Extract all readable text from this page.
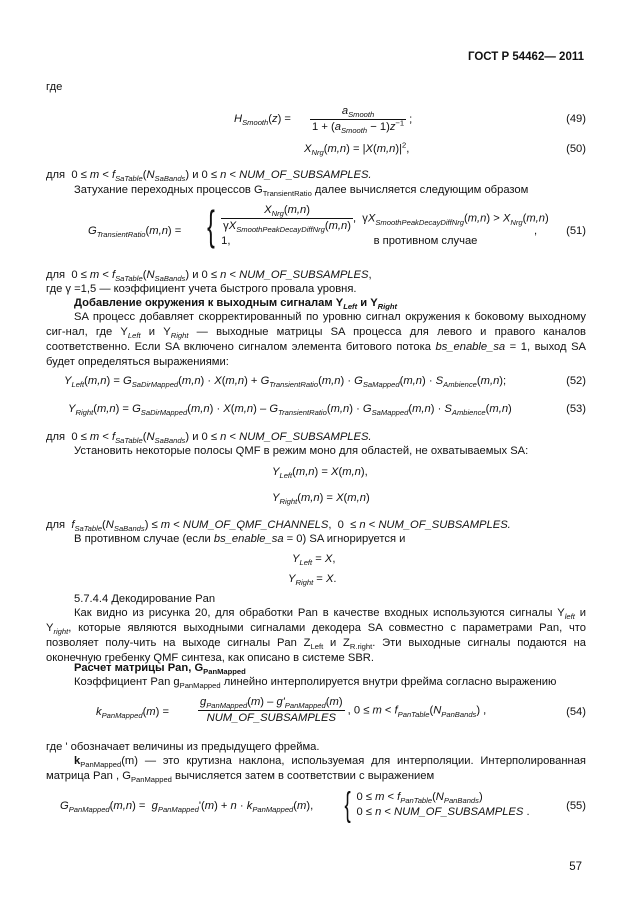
ГОСТ Р 54462— 2011
где
$H_{Smooth}(z) = \frac{a_{Smooth}}{1 + (a_{Smooth} - 1)z^{-1}}$ ;	(49)
$X_{Nrg}(m,n) = |X(m,n)|^2$,	(50)
для  $0 \le m < f_{SaTable}(N_{SaBands})$ и 0 ≤ n < NUM_OF_SUBSAMPLES.
Затухание переходных процессов $G_{TransientRatio}$ далее вычисляется следующим образом
$G_{TransientRatio}(m,n)$ = { $\frac{X_{Nrg}(m,n)}{\gamma X_{SmoothPeakDecayDiffNrg}(m,n)}$ ,  $\gamma X_{SmoothPeakDecayDiffNrg}(m,n) > X_{Nrg}(m,n)$
1,	в противном случае
,	(51)
для  $0 \le m < f_{SaTable}(N_{SaBands})$ и 0 ≤ n < NUM_OF_SUBSAMPLES,
где γ =1,5 — коэффициент учета быстрого провала уровня.
Добавление окружения к выходным сигналам $Y_{Left}$ и $Y_{Right}$
SA процесс добавляет скорректированный по уровню сигнал окружения к боковому выходному сиг-нал, где $Y_{Left}$ и $Y_{Right}$ — выходные матрицы SA процесса для левого и правого каналов соответственно. Если SA включено сигналом элемента битового потока bs_enable_sa = 1, выход SA будет определяться выражениями:
$Y_{Left}(m,n) = G_{SaDirMapped}(m,n) \cdot X(m,n) + G_{TransientRatio}(m,n) \cdot G_{SaMapped}(m,n) \cdot S_{Ambience}(m,n)$;	(52)
$Y_{Right}(m,n) = G_{SaDirMapped}(m,n) \cdot X(m,n) - G_{TransientRatio}(m,n) \cdot G_{SaMapped}(m,n) \cdot S_{Ambience}(m,n)$	(53)
для  $0 \le m < f_{SaTable}(N_{SaBands})$ и 0 ≤ n < NUM_OF_SUBSAMPLES.
Установить некоторые полосы QMF в режим моно для областей, не охватываемых SA:
$Y_{Left}(m,n) = X(m,n)$,
$Y_{Right}(m,n) = X(m,n)$
для  $f_{SaTable}(N_{SaBands}) \le m$ < NUM_OF_QMF_CHANNELS,  0  ≤ n < NUM_OF_SUBSAMPLES.
В противном случае (если bs_enable_sa = 0) SA игнорируется и
$Y_{Left} = X$,
$Y_{Right} = X$.
5.7.4.4 Декодирование Pan
Как видно из рисунка 20, для обработки Pan в качестве входных используются сигналы $Y_{left}$ и $Y_{right}$, которые являются выходными сигналами декодера SA совместно с параметрами Pan, что позволяет полу-чить на выходе сигналы Pan $Z_{Left}$ и $Z_{R.right}$. Эти выходные сигналы подаются на оконечную гребенку QMF синтеза, как описано в системе SBR.
Расчет матрицы Pan, $G_{PanMapped}$
Коэффициент Pan $g_{PanMapped}$ линейно интерполируется внутри фрейма согласно выражению
$k_{PanMapped}(m)$ =	$\frac{g_{PanMapped}(m) - g'_{PanMapped}(m)}{\text{NUM\_OF\_SUBSAMPLES}}$ , $0 \le m < f_{PanTable}(N_{PanBands})$ ,	(54)
где ' обозначает величины из предыдущего фрейма.
$k_{PanMapped}(m)$ — это крутизна наклона, используемая для интерполяции. Интерполированная матрица Pan , $G_{PanMapped}$ вычисляется затем в соответствии с выражением
$G_{PanMapped}(m,n) = g_{PanMapped}'(m) + n \cdot k_{PanMapped}(m)$, { $0 \le m < f_{PanTable}(N_{PanBands})$
0 ≤ n < NUM_OF_SUBSAMPLES .	(55)
57
